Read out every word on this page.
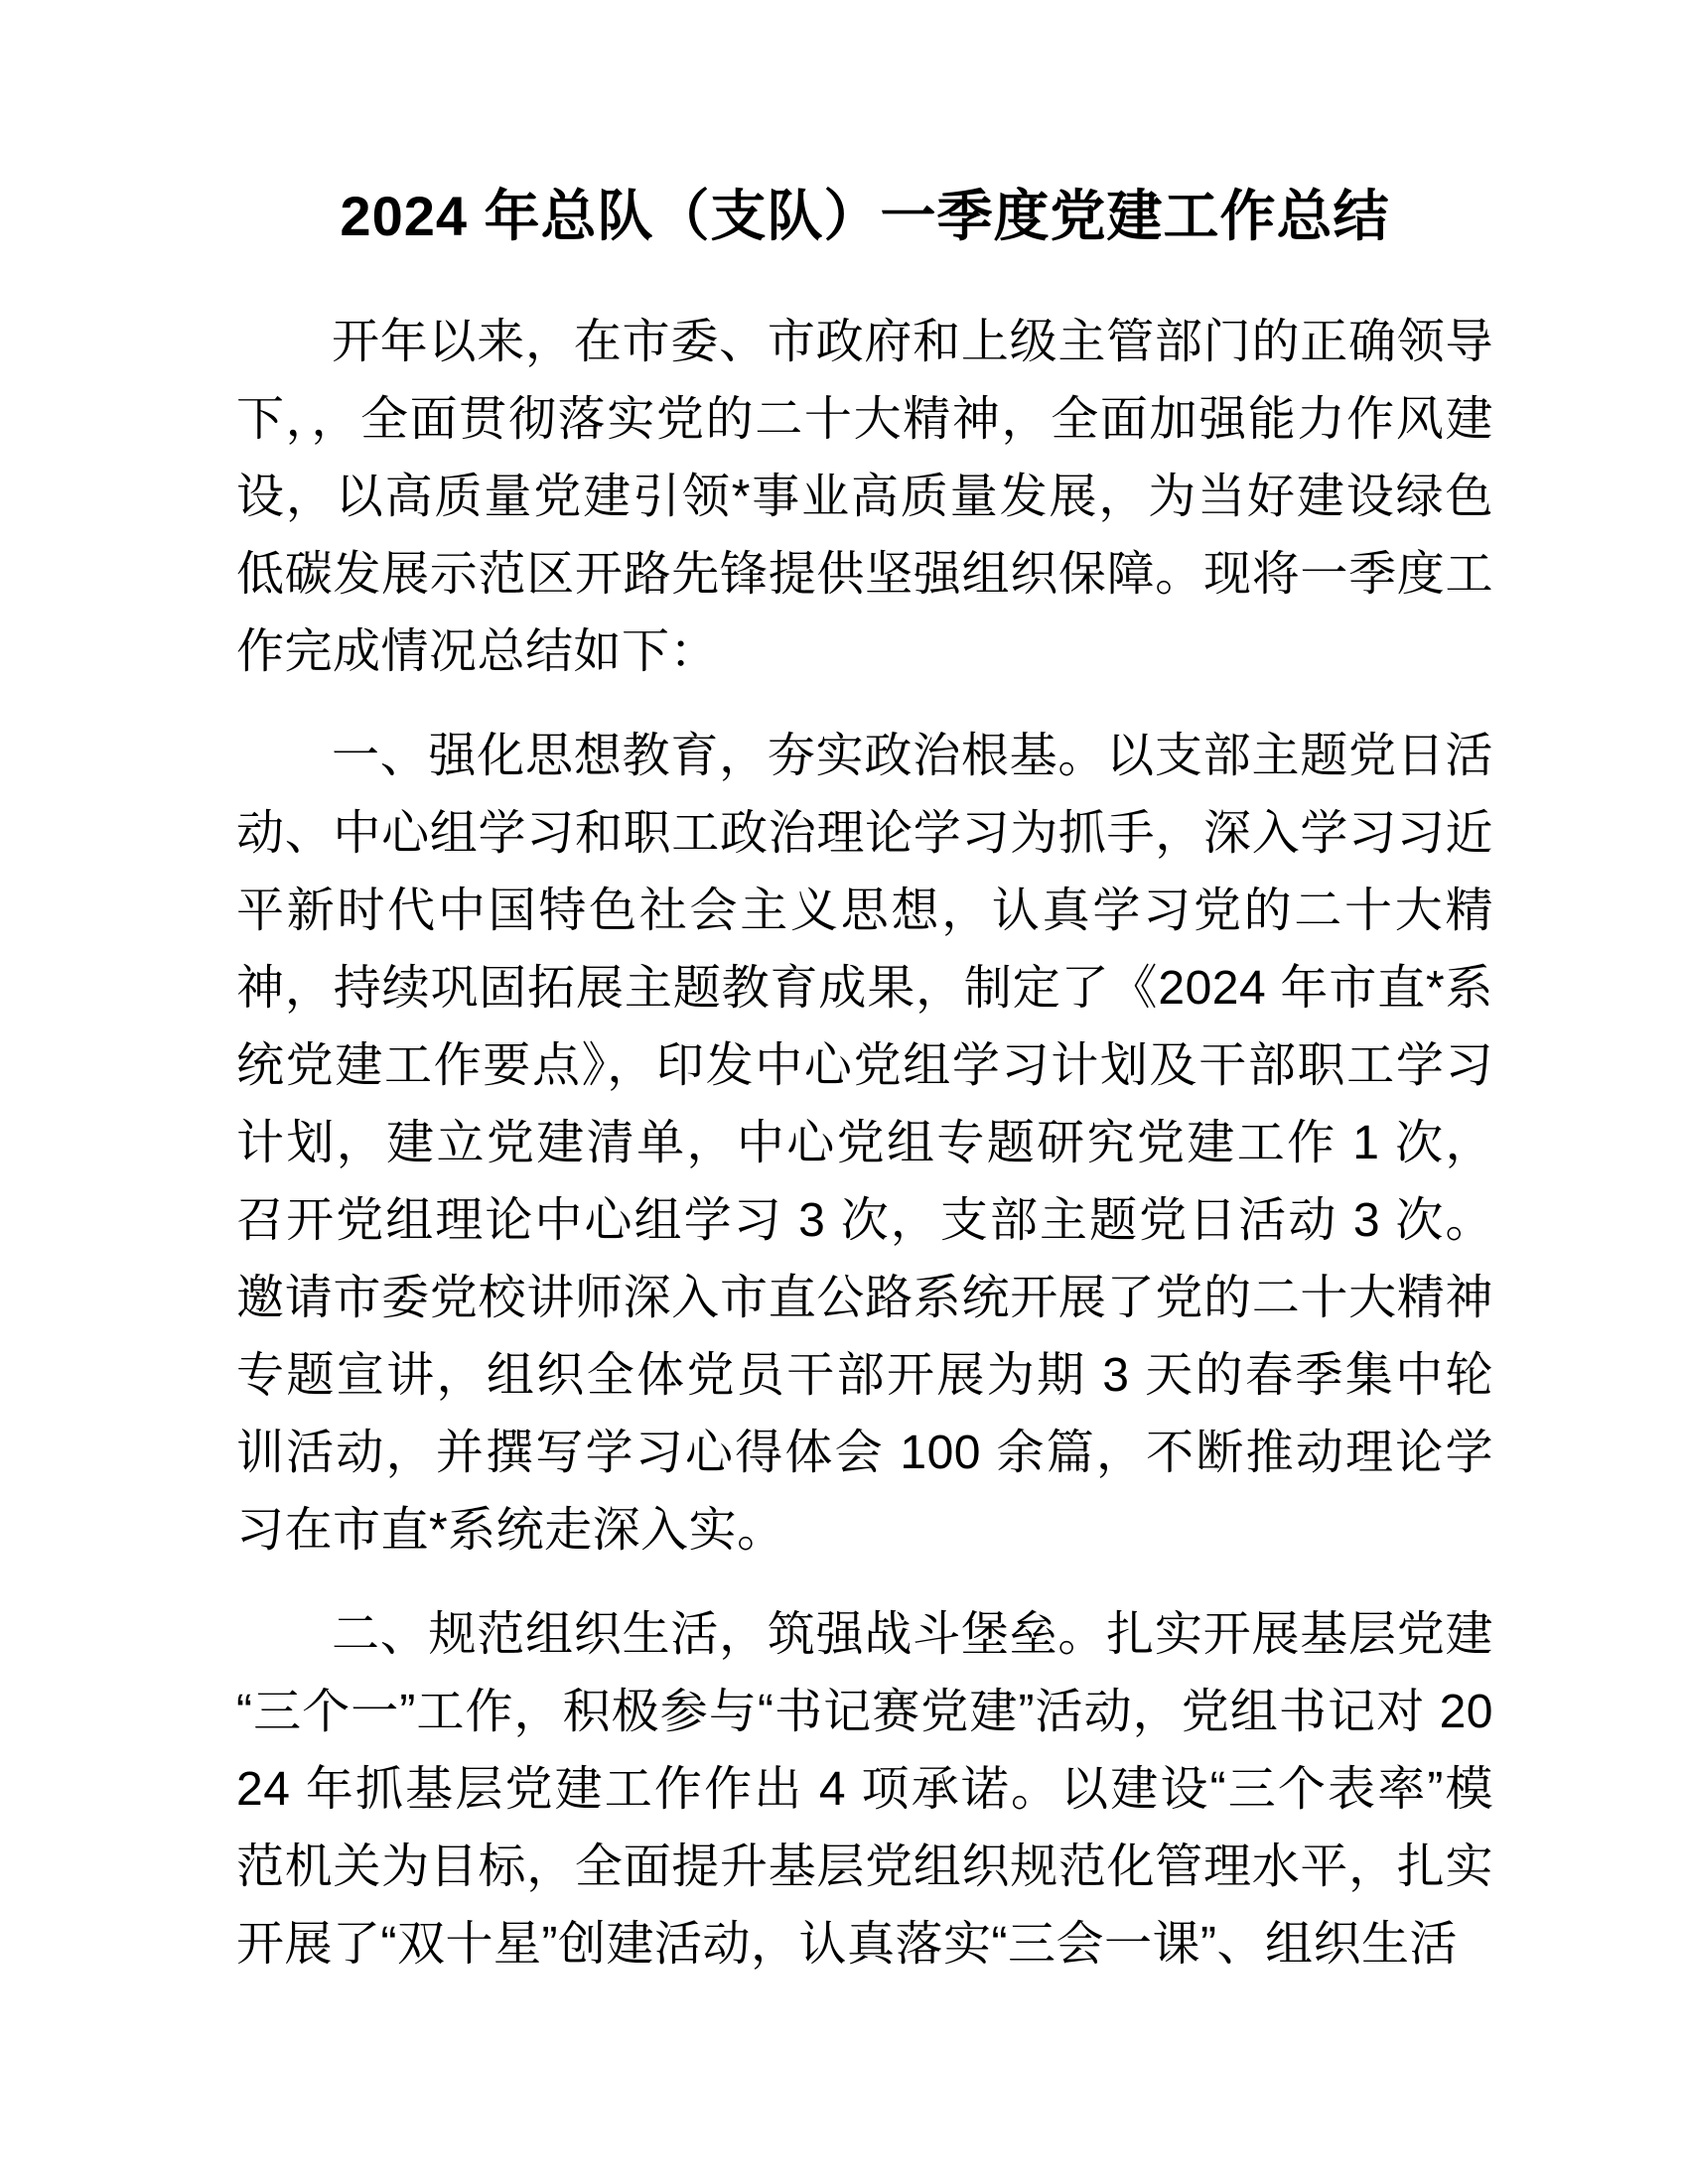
2024 年总队（支队）一季度党建工作总结

开年以来，在市委、市政府和上级主管部门的正确领导下，，全面贯彻落实党的二十大精神，全面加强能力作风建设，以高质量党建引领*事业高质量发展，为当好建设绿色低碳发展示范区开路先锋提供坚强组织保障。现将一季度工作完成情况总结如下：

一、强化思想教育，夯实政治根基。以支部主题党日活动、中心组学习和职工政治理论学习为抓手，深入学习习近平新时代中国特色社会主义思想，认真学习党的二十大精神，持续巩固拓展主题教育成果，制定了《2024 年市直*系统党建工作要点》，印发中心党组学习计划及干部职工学习计划，建立党建清单，中心党组专题研究党建工作 1 次，召开党组理论中心组学习 3 次，支部主题党日活动 3 次。邀请市委党校讲师深入市直公路系统开展了党的二十大精神专题宣讲，组织全体党员干部开展为期 3 天的春季集中轮训活动，并撰写学习心得体会 100 余篇，不断推动理论学习在市直*系统走深入实。

二、规范组织生活，筑强战斗堡垒。扎实开展基层党建“三个一”工作，积极参与“书记赛党建”活动，党组书记对 2024 年抓基层党建工作作出 4 项承诺。以建设“三个表率”模范机关为目标，全面提升基层党组织规范化管理水平，扎实开展了“双十星”创建活动，认真落实“三会一课”、组织生活
